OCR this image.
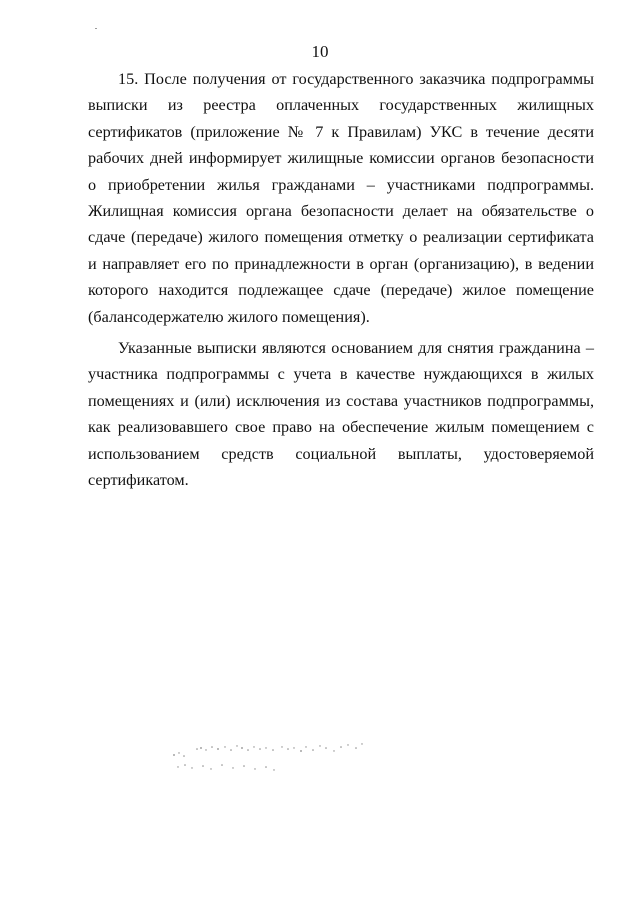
10

15. После получения от государственного заказчика подпрограммы выписки из реестра оплаченных государственных жилищных сертификатов (приложение № 7 к Правилам) УКС в течение десяти рабочих дней информирует жилищные комиссии органов безопасности о приобретении жилья гражданами – участниками подпрограммы. Жилищная комиссия органа безопасности делает на обязательстве о сдаче (передаче) жилого помещения отметку о реализации сертификата и направляет его по принадлежности в орган (организацию), в ведении которого находится подлежащее сдаче (передаче) жилое помещение (балансодержателю жилого помещения).

Указанные выписки являются основанием для снятия гражданина – участника подпрограммы с учета в качестве нуждающихся в жилых помещениях и (или) исключения из состава участников подпрограммы, как реализовавшего свое право на обеспечение жилым помещением с использованием средств социальной выплаты, удостоверяемой сертификатом.
